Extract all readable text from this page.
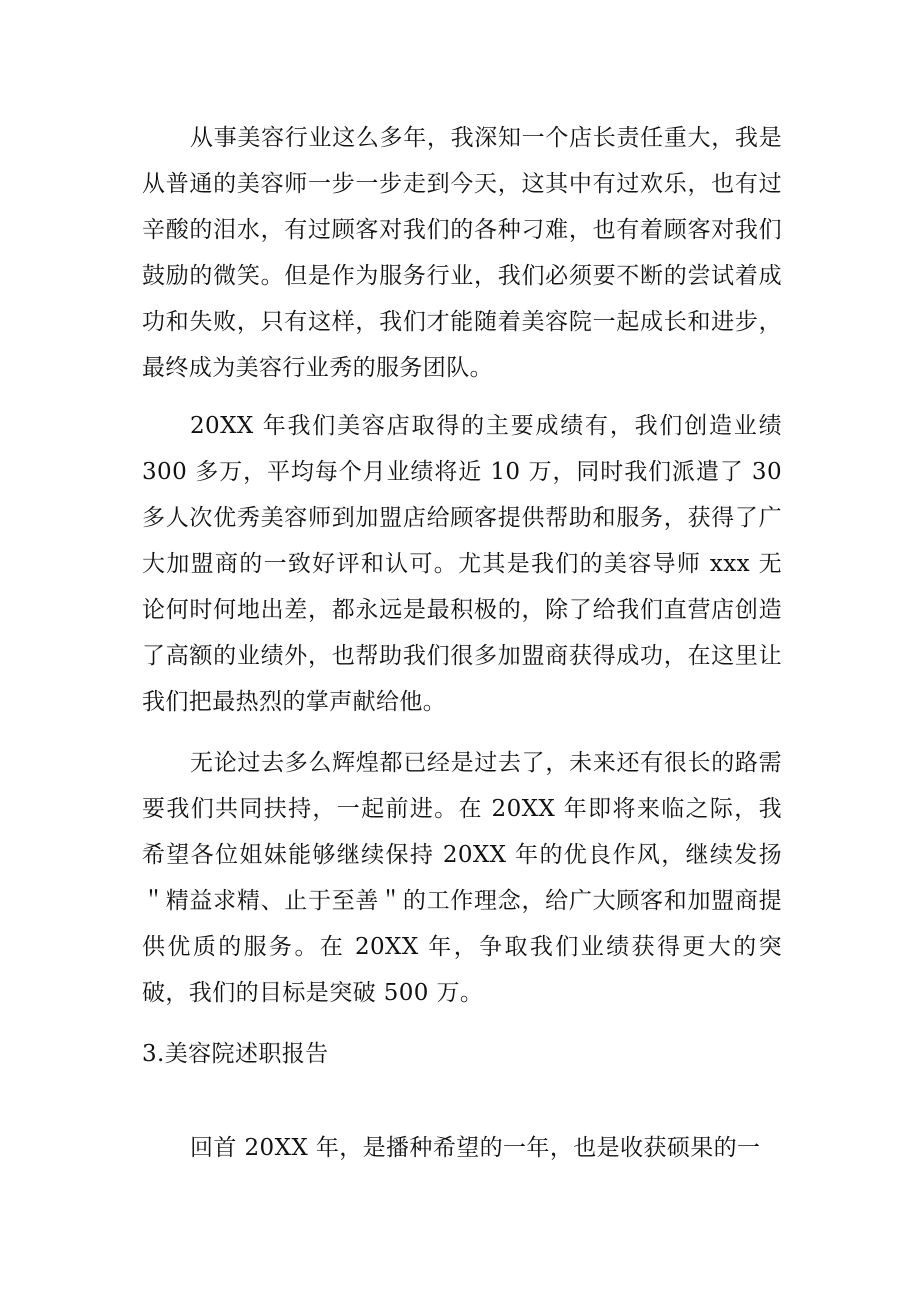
从事美容行业这么多年，我深知一个店长责任重大，我是从普通的美容师一步一步走到今天，这其中有过欢乐，也有过辛酸的泪水，有过顾客对我们的各种刁难，也有着顾客对我们鼓励的微笑。但是作为服务行业，我们必须要不断的尝试着成功和失败，只有这样，我们才能随着美容院一起成长和进步，最终成为美容行业秀的服务团队。

20XX 年我们美容店取得的主要成绩有，我们创造业绩 300 多万，平均每个月业绩将近 10 万，同时我们派遣了 30 多人次优秀美容师到加盟店给顾客提供帮助和服务，获得了广大加盟商的一致好评和认可。尤其是我们的美容导师 xxx 无论何时何地出差，都永远是最积极的，除了给我们直营店创造了高额的业绩外，也帮助我们很多加盟商获得成功，在这里让我们把最热烈的掌声献给他。

无论过去多么辉煌都已经是过去了，未来还有很长的路需要我们共同扶持，一起前进。在 20XX 年即将来临之际，我希望各位姐妹能够继续保持 20XX 年的优良作风，继续发扬＂精益求精、止于至善＂的工作理念，给广大顾客和加盟商提供优质的服务。在 20XX 年，争取我们业绩获得更大的突破，我们的目标是突破 500 万。

3.美容院述职报告

回首 20XX 年，是播种希望的一年，也是收获硕果的一
